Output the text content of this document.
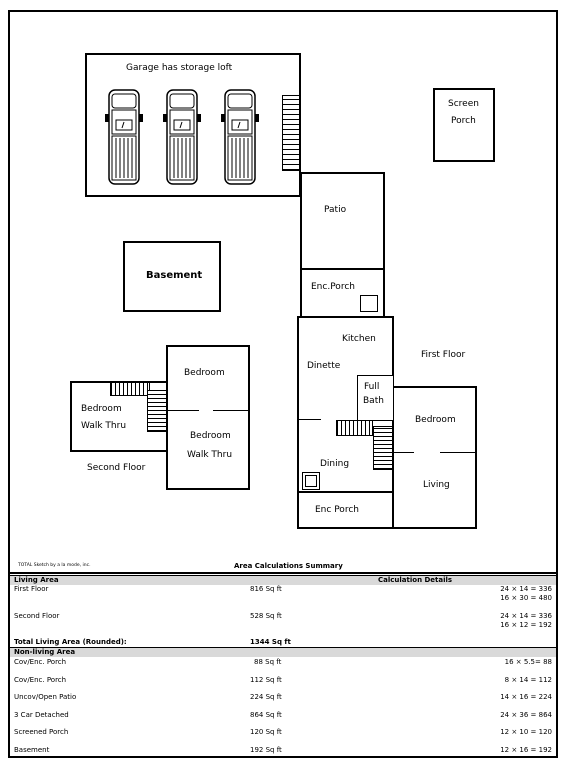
Garage has storage loft
Screen
Porch
Patio
Enc.Porch
Basement
Full
Bath
Kitchen
Dinette
First Floor
Bedroom
Dining
Living
Enc Porch
Bedroom
Bedroom
Walk Thru
Bedroom
Walk Thru
Second Floor
TOTAL Sketch by a la mode, inc.	Area Calculations Summary
Living Area	Calculation Details
First Floor	816 Sq ft	24 × 14 = 336
16 × 30 = 480
Second Floor	528 Sq ft	24 × 14 = 336
16 × 12 = 192
Total Living Area (Rounded):	1344 Sq ft
Non-living Area
Cov/Enc. Porch	88 Sq ft	16 × 5.5= 88
Cov/Enc. Porch	112 Sq ft	8 × 14 = 112
Uncov/Open Patio	224 Sq ft	14 × 16 = 224
3 Car Detached	864 Sq ft	24 × 36 = 864
Screened Porch	120 Sq ft	12 × 10 = 120
Basement	192 Sq ft	12 × 16 = 192
